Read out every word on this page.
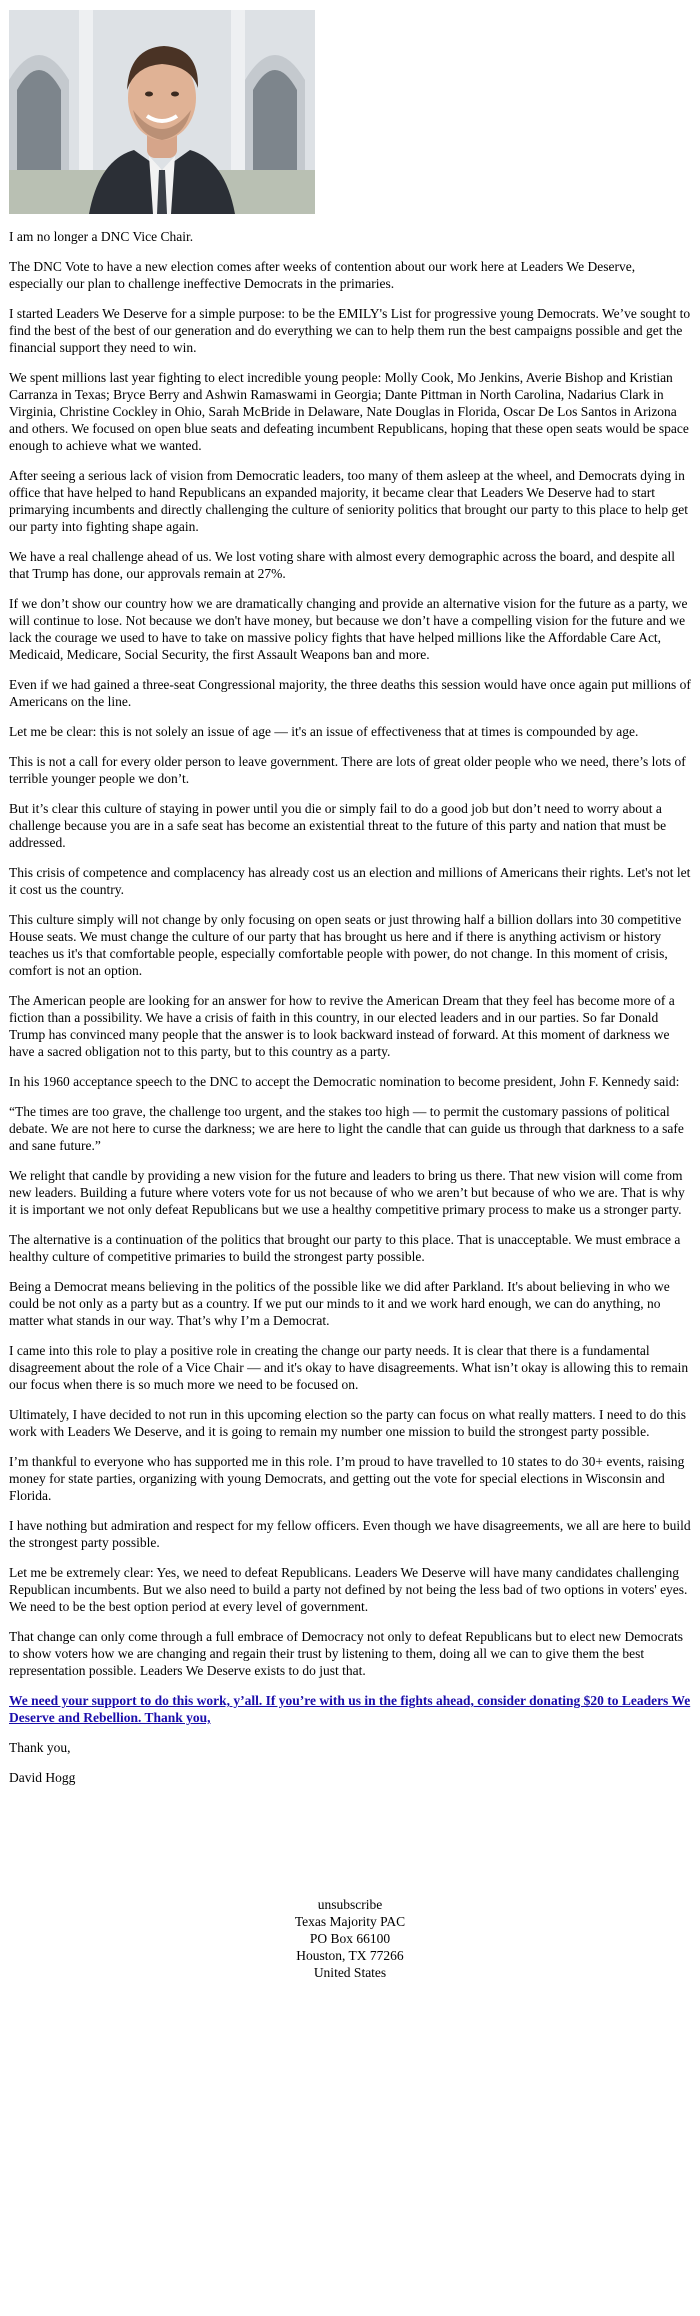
I am no longer a DNC Vice Chair.

The DNC Vote to have a new election comes after weeks of contention about our work here at Leaders We Deserve, especially our plan to challenge ineffective Democrats in the primaries.

I started Leaders We Deserve for a simple purpose: to be the EMILY's List for progressive young Democrats. We’ve sought to find the best of the best of our generation and do everything we can to help them run the best campaigns possible and get the financial support they need to win.

We spent millions last year fighting to elect incredible young people: Molly Cook, Mo Jenkins, Averie Bishop and Kristian Carranza in Texas; Bryce Berry and Ashwin Ramaswami in Georgia; Dante Pittman in North Carolina, Nadarius Clark in Virginia, Christine Cockley in Ohio, Sarah McBride in Delaware, Nate Douglas in Florida, Oscar De Los Santos in Arizona and others. We focused on open blue seats and defeating incumbent Republicans, hoping that these open seats would be space enough to achieve what we wanted.

After seeing a serious lack of vision from Democratic leaders, too many of them asleep at the wheel, and Democrats dying in office that have helped to hand Republicans an expanded majority, it became clear that Leaders We Deserve had to start primarying incumbents and directly challenging the culture of seniority politics that brought our party to this place to help get our party into fighting shape again.

We have a real challenge ahead of us. We lost voting share with almost every demographic across the board, and despite all that Trump has done, our approvals remain at 27%.

If we don’t show our country how we are dramatically changing and provide an alternative vision for the future as a party, we will continue to lose. Not because we don't have money, but because we don’t have a compelling vision for the future and we lack the courage we used to have to take on massive policy fights that have helped millions like the Affordable Care Act, Medicaid, Medicare, Social Security, the first Assault Weapons ban and more.

Even if we had gained a three-seat Congressional majority, the three deaths this session would have once again put millions of Americans on the line.

Let me be clear: this is not solely an issue of age — it's an issue of effectiveness that at times is compounded by age.

This is not a call for every older person to leave government. There are lots of great older people who we need, there’s lots of terrible younger people we don’t.

But it’s clear this culture of staying in power until you die or simply fail to do a good job but don’t need to worry about a challenge because you are in a safe seat has become an existential threat to the future of this party and nation that must be addressed.

This crisis of competence and complacency has already cost us an election and millions of Americans their rights. Let's not let it cost us the country.

This culture simply will not change by only focusing on open seats or just throwing half a billion dollars into 30 competitive House seats. We must change the culture of our party that has brought us here and if there is anything activism or history teaches us it's that comfortable people, especially comfortable people with power, do not change. In this moment of crisis, comfort is not an option.

The American people are looking for an answer for how to revive the American Dream that they feel has become more of a fiction than a possibility. We have a crisis of faith in this country, in our elected leaders and in our parties. So far Donald Trump has convinced many people that the answer is to look backward instead of forward. At this moment of darkness we have a sacred obligation not to this party, but to this country as a party.

In his 1960 acceptance speech to the DNC to accept the Democratic nomination to become president, John F. Kennedy said:

“The times are too grave, the challenge too urgent, and the stakes too high — to permit the customary passions of political debate. We are not here to curse the darkness; we are here to light the candle that can guide us through that darkness to a safe and sane future.”

We relight that candle by providing a new vision for the future and leaders to bring us there. That new vision will come from new leaders. Building a future where voters vote for us not because of who we aren’t but because of who we are. That is why it is important we not only defeat Republicans but we use a healthy competitive primary process to make us a stronger party.

The alternative is a continuation of the politics that brought our party to this place. That is unacceptable. We must embrace a healthy culture of competitive primaries to build the strongest party possible.

Being a Democrat means believing in the politics of the possible like we did after Parkland. It's about believing in who we could be not only as a party but as a country. If we put our minds to it and we work hard enough, we can do anything, no matter what stands in our way. That’s why I’m a Democrat.

I came into this role to play a positive role in creating the change our party needs. It is clear that there is a fundamental disagreement about the role of a Vice Chair — and it's okay to have disagreements. What isn’t okay is allowing this to remain our focus when there is so much more we need to be focused on.

Ultimately, I have decided to not run in this upcoming election so the party can focus on what really matters. I need to do this work with Leaders We Deserve, and it is going to remain my number one mission to build the strongest party possible.

I’m thankful to everyone who has supported me in this role. I’m proud to have travelled to 10 states to do 30+ events, raising money for state parties, organizing with young Democrats, and getting out the vote for special elections in Wisconsin and Florida.

I have nothing but admiration and respect for my fellow officers. Even though we have disagreements, we all are here to build the strongest party possible.

Let me be extremely clear: Yes, we need to defeat Republicans. Leaders We Deserve will have many candidates challenging Republican incumbents. But we also need to build a party not defined by not being the less bad of two options in voters' eyes. We need to be the best option period at every level of government.

That change can only come through a full embrace of Democracy not only to defeat Republicans but to elect new Democrats to show voters how we are changing and regain their trust by listening to them, doing all we can to give them the best representation possible. Leaders We Deserve exists to do just that.

We need your support to do this work, y’all. If you’re with us in the fights ahead, consider donating $20 to Leaders We Deserve and Rebellion. Thank you,

Thank you,

David Hogg

unsubscribe
Texas Majority PAC
PO Box 66100
Houston, TX 77266
United States
